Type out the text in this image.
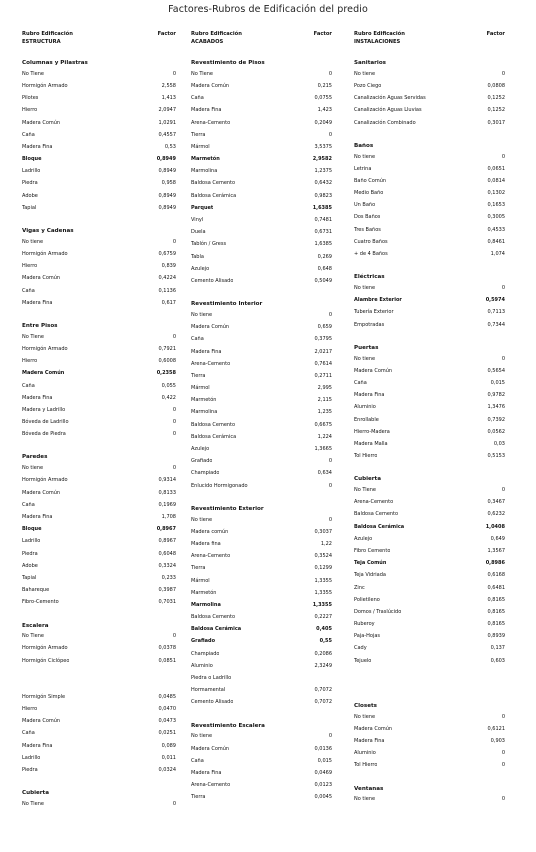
Factores-Rubros de Edificación del predio
Rubro Edificación	Factor
ESTRUCTURA
Columnas y Pilastras
No Tiene	0
Hormigón Armado	2,558
Pilotes	1,413
Hierro	2,0947
Madera Común	1,0291
Caña	0,4557
Madera Fina	0,53
Bloque	0,8949
Ladrillo	0,8949
Piedra	0,958
Adobe	0,8949
Tapial	0,8949
Vigas y Cadenas
No tiene	0
Hormigón Armado	0,6759
Hierro	0,839
Madera Común	0,4224
Caña	0,1136
Madera Fina	0,617
Entre Pisos
No Tiene	0
Hormigón Armado	0,7921
Hierro	0,6008
Madera Común	0,2358
Caña	0,055
Madera Fina	0,422
Madera y Ladrillo	0
Bóveda de Ladrillo	0
Bóveda de Piedra	0
Paredes
No tiene	0
Hormigón Armado	0,9314
Madera Común	0,8133
Caña	0,1969
Madera Fina	1,708
Bloque	0,8967
Ladrillo	0,8967
Piedra	0,6048
Adobe	0,3324
Tapial	0,233
Bahareque	0,3987
Fibro-Cemento	0,7031
Escalera
No Tiene	0
Hormigón Armado	0,0378
Hormigón Ciclópeo	0,0851
Hormigón Simple	0,0485
Hierro	0,0470
Madera Común	0,0473
Caña	0,0251
Madera Fina	0,089
Ladrillo	0,011
Piedra	0,0324
Cubierta
No Tiene	0
Rubro Edificación	Factor
ACABADOS
Revestimiento de Pisos
No Tiene	0
Madera Común	0,215
Caña	0,0755
Madera Fina	1,423
Arena-Cemento	0,2049
Tierra	0
Mármol	3,5375
Marmetón	2,9582
Marmolina	1,2375
Baldosa Cemento	0,6432
Baldosa Cerámica	0,9823
Parquet	1,6385
Vinyl	0,7481
Duela	0,6731
Tablón / Gress	1,6385
Tabla	0,269
Azulejo	0,648
Cemento Alisado	0,5049
Revestimiento Interior
No tiene	0
Madera Común	0,659
Caña	0,3795
Madera Fina	2,0217
Arena-Cemento	0,7614
Tierra	0,2711
Mármol	2,995
Marmetón	2,115
Marmolina	1,235
Baldosa Cemento	0,6675
Baldosa Cerámica	1,224
Azulejo	1,3665
Grafiado	0
Champiado	0,634
Enlucido Hormigonado	0
Revestimiento Exterior
No tiene	0
Madera común	0,3037
Madera fina	1,22
Arena-Cemento	0,3524
Tierra	0,1299
Mármol	1,3355
Marmetón	1,3355
Marmolina	1,3355
Baldosa Cemento	0,2227
Baldosa Cerámica	0,405
Grafiado	0,55
Champiado	0,2086
Aluminio	2,3249
Piedra o Ladrillo
Hormamental	0,7072
Cemento Alisado	0,7072
Revestimiento Escalera
No tiene	0
Madera Común	0,0136
Caña	0,015
Madera Fina	0,0469
Arena-Cemento	0,0123
Tierra	0,0045
Rubro Edificación	Factor
INSTALACIONES
Sanitarios
No tiene	0
Pozo Ciego	0,0808
Canalización Aguas Servidas	0,1252
Canalización Aguas Lluvias	0,1252
Canalización Combinado	0,3017
Baños
No tiene	0
Letrina	0,0651
Baño Común	0,0814
Medio Baño	0,1302
Un Baño	0,1653
Dos Baños	0,3005
Tres Baños	0,4533
Cuatro Baños	0,8461
+ de 4 Baños	1,074
Eléctricas
No tiene	0
Alambre Exterior	0,5974
Tubería Exterior	0,7113
Empotradas	0,7344
Puertas
No tiene	0
Madera Común	0,5654
Caña	0,015
Madera Fina	0,9782
Aluminio	1,3476
Enrollable	0,7392
Hierro-Madera	0,0562
Madera Malla	0,03
Tol Hierro	0,5153
Cubierta
No Tiene	0
Arena-Cemento	0,3467
Baldosa Cemento	0,6232
Baldosa Cerámica	1,0408
Azulejo	0,649
Fibro Cemento	1,3567
Teja Común	0,8986
Teja Vidriada	0,6168
Zinc	0,6481
Polietileno	0,8165
Domos / Traslúcido	0,8165
Ruberoy	0,8165
Paja-Hojas	0,8939
Cady	0,137
Tejuelo	0,603
Closets
No tiene	0
Madera Común	0,6121
Madera Fina	0,903
Aluminio	0
Tol Hierro	0
Ventanas
No tiene	0
